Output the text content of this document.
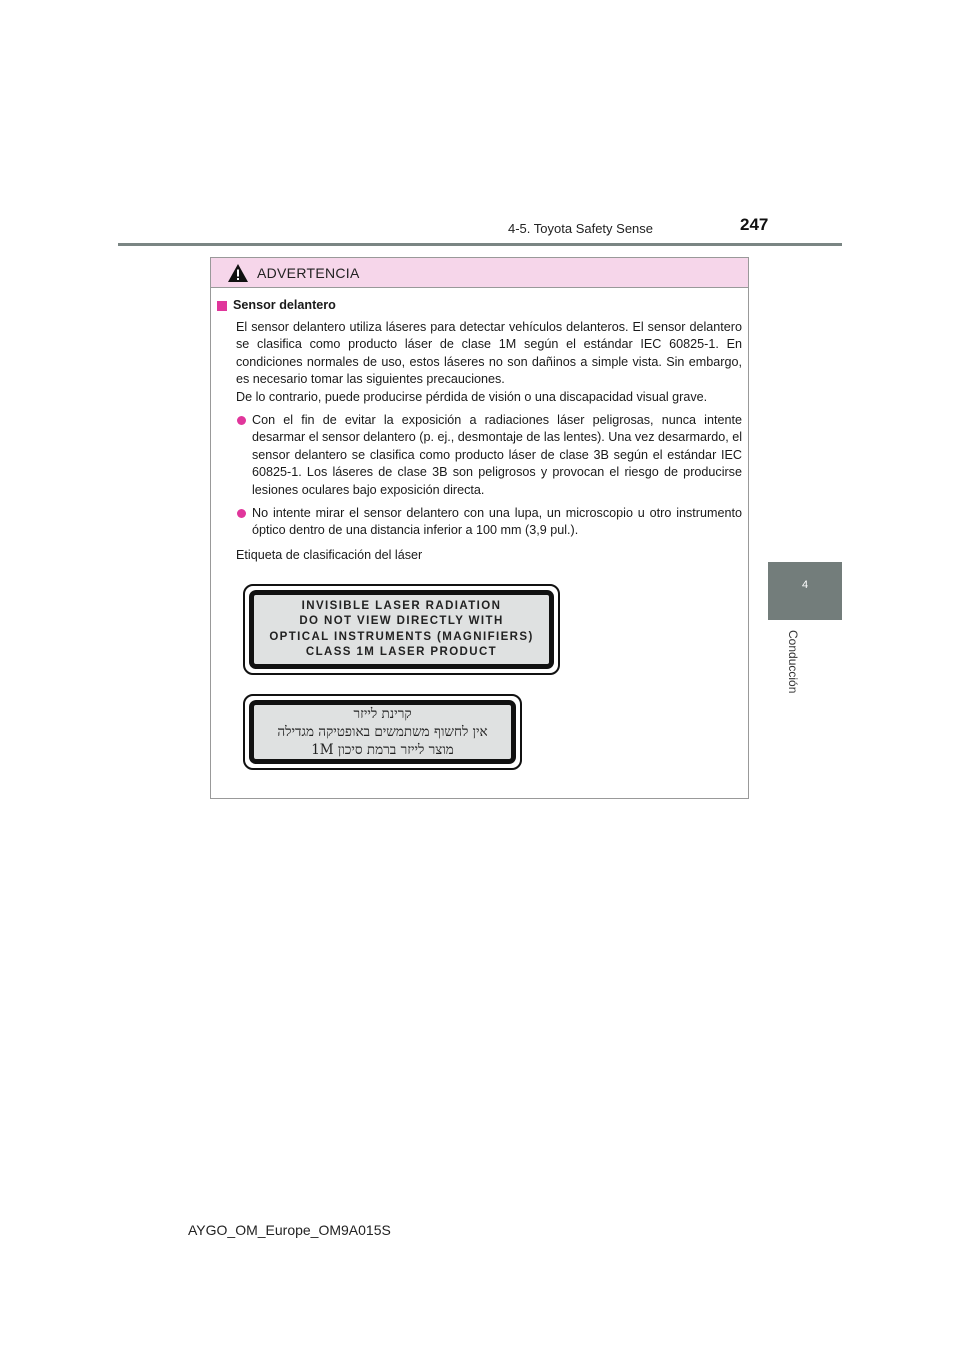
4-5. Toyota Safety Sense	247
4
Conducción
ADVERTENCIA
Sensor delantero

El sensor delantero utiliza láseres para detectar vehículos delanteros. El sensor delantero se clasifica como producto láser de clase 1M según el estándar IEC 60825-1. En condiciones normales de uso, estos láseres no son dañinos a simple vista. Sin embargo, es necesario tomar las siguientes precauciones.

De lo contrario, puede producirse pérdida de visión o una discapacidad visual grave.

Con el fin de evitar la exposición a radiaciones láser peligrosas, nunca intente desarmar el sensor delantero (p. ej., desmontaje de las lentes). Una vez desarmardo, el sensor delantero se clasifica como producto láser de clase 3B según el estándar IEC 60825-1. Los láseres de clase 3B son peligrosos y provocan el riesgo de producirse lesiones oculares bajo exposición directa.
No intente mirar el sensor delantero con una lupa, un microscopio u otro instrumento óptico dentro de una distancia inferior a 100 mm (3,9 pul.).

Etiqueta de clasificación del láser

INVISIBLE LASER RADIATION
DO NOT VIEW DIRECTLY WITH
OPTICAL INSTRUMENTS (MAGNIFIERS)
CLASS 1M LASER PRODUCT
קרינת לייזר
אין לחשוף משתמשים באופטיקה מגדילה
מוצר לייזר ברמת סיכון 1M
AYGO_OM_Europe_OM9A015S
